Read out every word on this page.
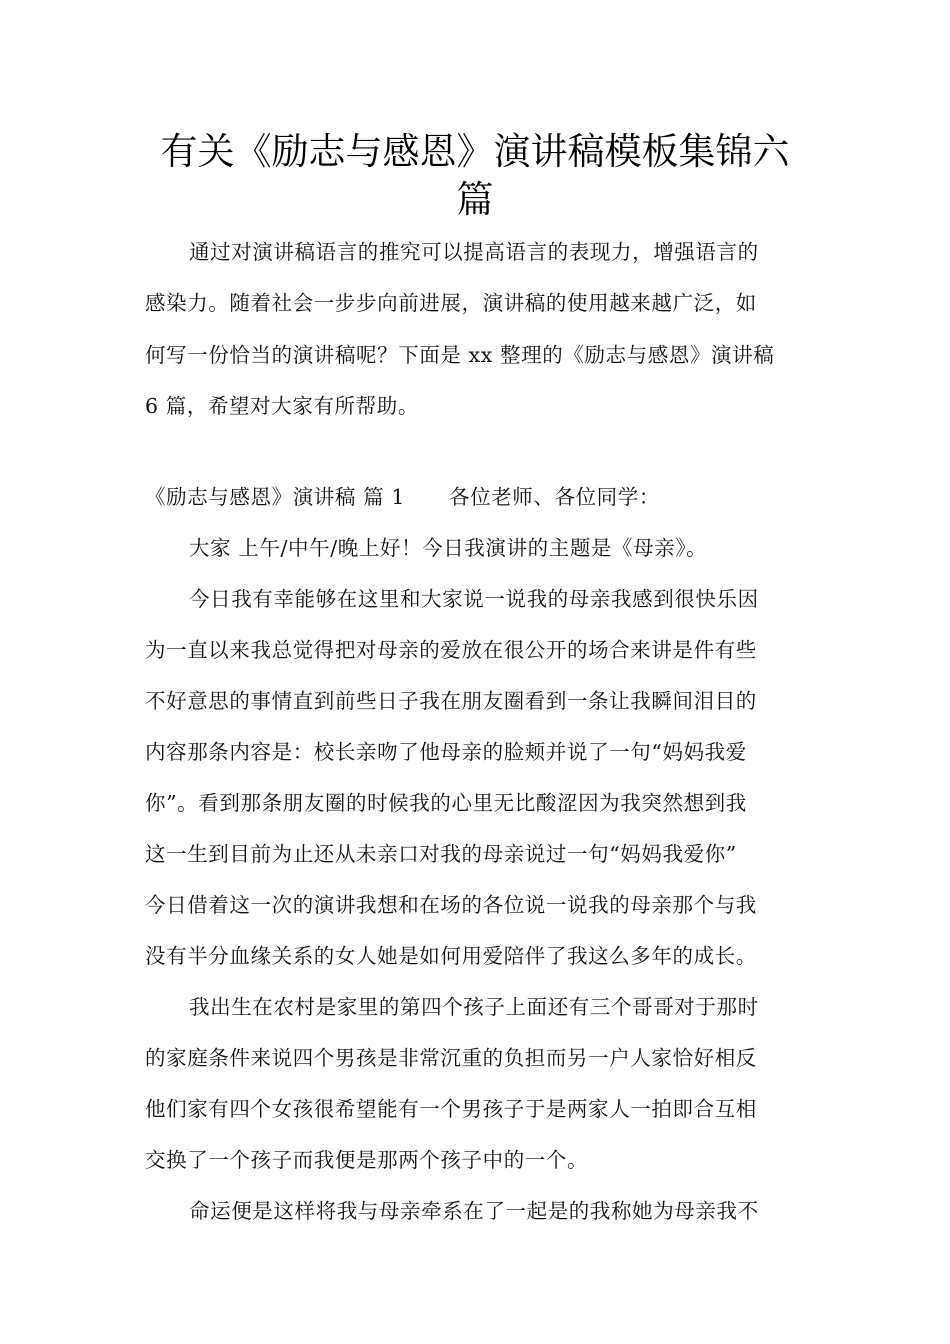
有关《励志与感恩》演讲稿模板集锦六
篇
通过对演讲稿语言的推究可以提高语言的表现力，增强语言的
感染力。随着社会一步步向前进展，演讲稿的使用越来越广泛，如
何写一份恰当的演讲稿呢？下面是 xx 整理的《励志与感恩》演讲稿
6 篇，希望对大家有所帮助。
《励志与感恩》演讲稿 篇 1 各位老师、各位同学：
大家 上午/中午/晚上好！今日我演讲的主题是《母亲》。
今日我有幸能够在这里和大家说一说我的母亲我感到很快乐因
为一直以来我总觉得把对母亲的爱放在很公开的场合来讲是件有些
不好意思的事情直到前些日子我在朋友圈看到一条让我瞬间泪目的
内容那条内容是：校长亲吻了他母亲的脸颊并说了一句“妈妈我爱
你”。看到那条朋友圈的时候我的心里无比酸涩因为我突然想到我
这一生到目前为止还从未亲口对我的母亲说过一句“妈妈我爱你”
今日借着这一次的演讲我想和在场的各位说一说我的母亲那个与我
没有半分血缘关系的女人她是如何用爱陪伴了我这么多年的成长。
我出生在农村是家里的第四个孩子上面还有三个哥哥对于那时
的家庭条件来说四个男孩是非常沉重的负担而另一户人家恰好相反
他们家有四个女孩很希望能有一个男孩子于是两家人一拍即合互相
交换了一个孩子而我便是那两个孩子中的一个。
命运便是这样将我与母亲牵系在了一起是的我称她为母亲我不
